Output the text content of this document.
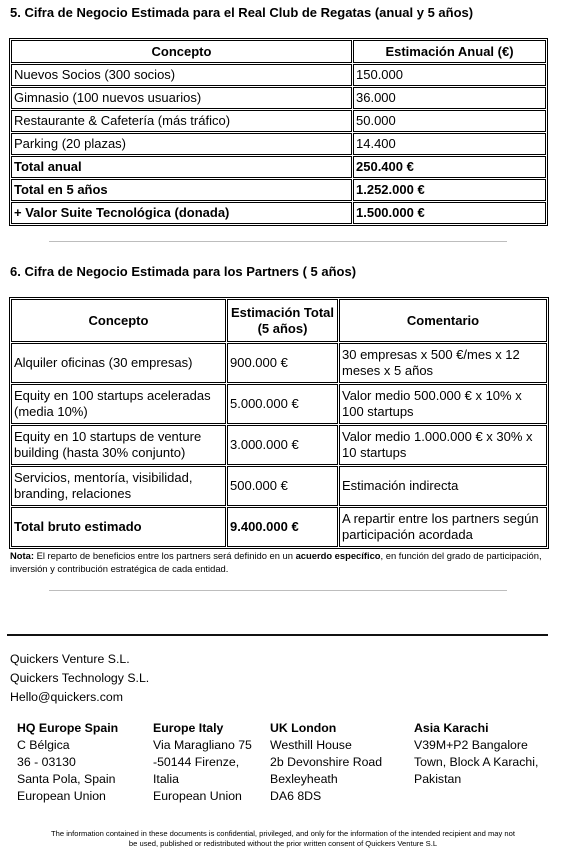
5. Cifra de Negocio Estimada para el Real Club de Regatas (anual y 5 años)
Concepto	Estimación Anual (€)
Nuevos Socios (300 socios)	150.000
Gimnasio (100 nuevos usuarios)	36.000
Restaurante & Cafetería (más tráfico)	50.000
Parking (20 plazas)	14.400
Total anual	250.400 €
Total en 5 años	1.252.000 €
+ Valor Suite Tecnológica (donada)	1.500.000 €
6. Cifra de Negocio Estimada para los Partners ( 5 años)
Concepto	Estimación Total (5 años)	Comentario
Alquiler oficinas (30 empresas)	900.000 €	30 empresas x 500 €/mes x 12 meses x 5 años
Equity en 100 startups aceleradas (media 10%)	5.000.000 €	Valor medio 500.000 € x 10% x 100 startups
Equity en 10 startups de venture building (hasta 30% conjunto)	3.000.000 €	Valor medio 1.000.000 € x 30% x 10 startups
Servicios, mentoría, visibilidad, branding, relaciones	500.000 €	Estimación indirecta
Total bruto estimado	9.400.000 €	A repartir entre los partners según participación acordada
Nota: El reparto de beneficios entre los partners será definido en un acuerdo específico, en función del grado de participación, inversión y contribución estratégica de cada entidad.
Quickers Venture S.L.
Quickers Technology S.L.
Hello@quickers.com
HQ Europe Spain
C Bélgica
36 - 03130
Santa Pola, Spain
European Union
Europe Italy
Via Maragliano 75
-50144 Firenze,
Italia
European Union
UK London
Westhill House
2b Devonshire Road
Bexleyheath
DA6 8DS
Asia Karachi
V39M+P2 Bangalore
Town, Block A Karachi,
Pakistan
The information contained in these documents is confidential, privileged, and only for the information of the intended recipient and may not
be used, published or redistributed without the prior written consent of Quickers Venture S.L
